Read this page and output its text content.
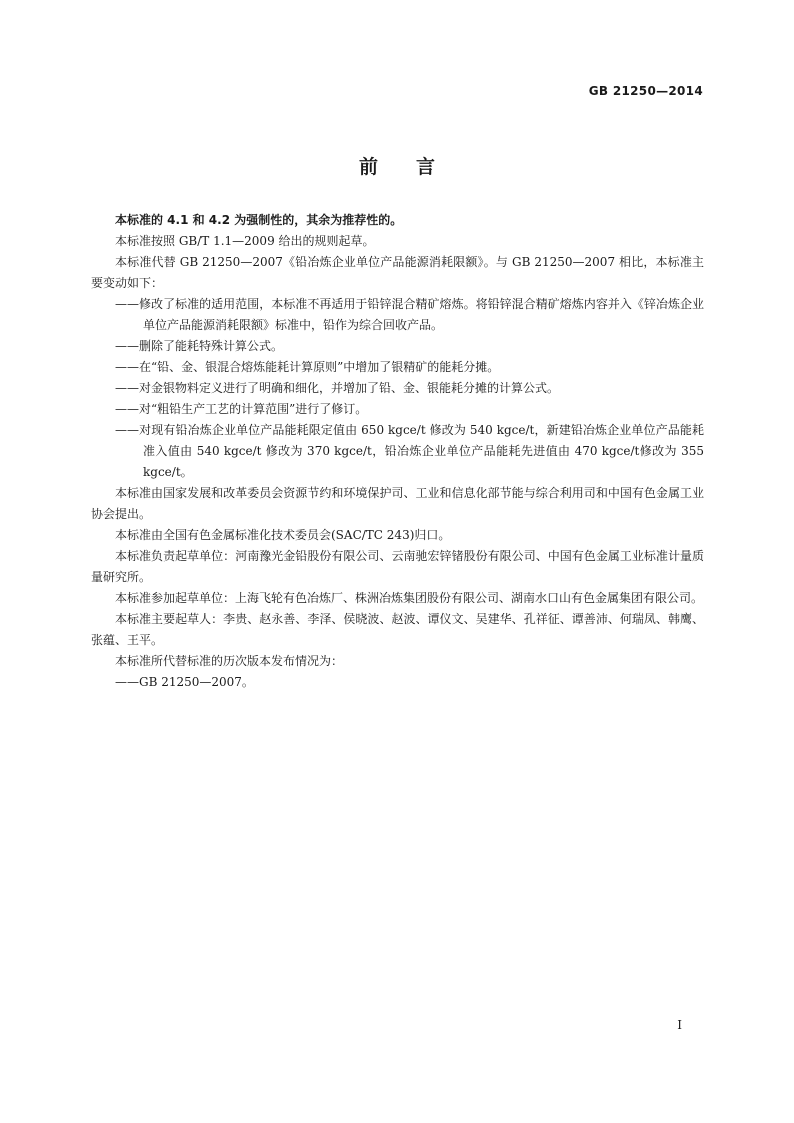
GB 21250—2014
前言

本标准的 4.1 和 4.2 为强制性的，其余为推荐性的。

本标准按照 GB/T 1.1—2009 给出的规则起草。

本标准代替 GB 21250—2007《铅冶炼企业单位产品能源消耗限额》。与 GB 21250—2007 相比，本标准主要变动如下：

——修改了标准的适用范围，本标准不再适用于铅锌混合精矿熔炼。将铅锌混合精矿熔炼内容并入《锌冶炼企业单位产品能源消耗限额》标准中，铅作为综合回收产品。

——删除了能耗特殊计算公式。

——在“铅、金、银混合熔炼能耗计算原则”中增加了银精矿的能耗分摊。

——对金银物料定义进行了明确和细化，并增加了铅、金、银能耗分摊的计算公式。

——对“粗铅生产工艺的计算范围”进行了修订。

——对现有铅冶炼企业单位产品能耗限定值由 650 kgce/t 修改为 540 kgce/t，新建铅冶炼企业单位产品能耗准入值由 540 kgce/t 修改为 370 kgce/t，铅冶炼企业单位产品能耗先进值由 470 kgce/t修改为 355 kgce/t。

本标准由国家发展和改革委员会资源节约和环境保护司、工业和信息化部节能与综合利用司和中国有色金属工业协会提出。

本标准由全国有色金属标准化技术委员会(SAC/TC 243)归口。

本标准负责起草单位：河南豫光金铅股份有限公司、云南驰宏锌锗股份有限公司、中国有色金属工业标准计量质量研究所。

本标准参加起草单位：上海飞轮有色冶炼厂、株洲冶炼集团股份有限公司、湖南水口山有色金属集团有限公司。

本标准主要起草人：李贵、赵永善、李泽、侯晓波、赵波、谭仪文、吴建华、孔祥征、谭善沛、何瑞凤、韩鹰、张蕴、王平。

本标准所代替标准的历次版本发布情况为：

——GB 21250—2007。

I
